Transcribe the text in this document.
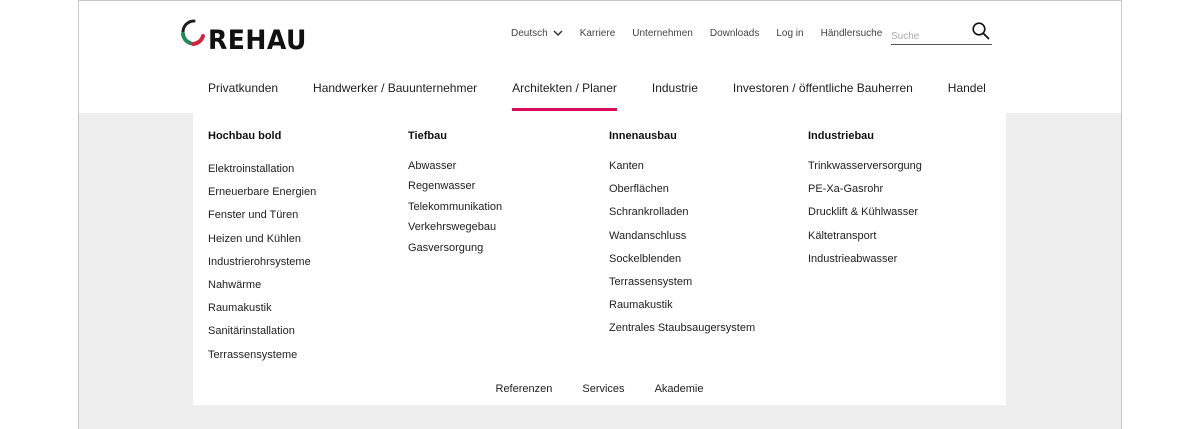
REHAU	Deutsch	Karriere Unternehmen Downloads Log in Händlersuche
Suche
Privatkunden	Handwerker / Bauunternehmer	Architekten / Planer	Industrie	Investoren / öffentliche Bauherren	Handel
Hochbau bold
Elektroinstallation
Erneuerbare Energien
Fenster und Türen
Heizen und Kühlen
Industrierohrsysteme
Nahwärme
Raumakustik
Sanitärinstallation
Terrassensysteme
Tiefbau
Abwasser
Regenwasser
Telekommunikation
Verkehrswegebau
Gasversorgung
Innenausbau
Kanten
Oberflächen
Schrankrolladen
Wandanschluss
Sockelblenden
Terrassensystem
Raumakustik
Zentrales Staubsaugersystem
Industriebau
Trinkwasserversorgung
PE-Xa-Gasrohr
Drucklift & Kühlwasser
Kältetransport
Industrieabwasser
Referenzen	Services	Akademie
